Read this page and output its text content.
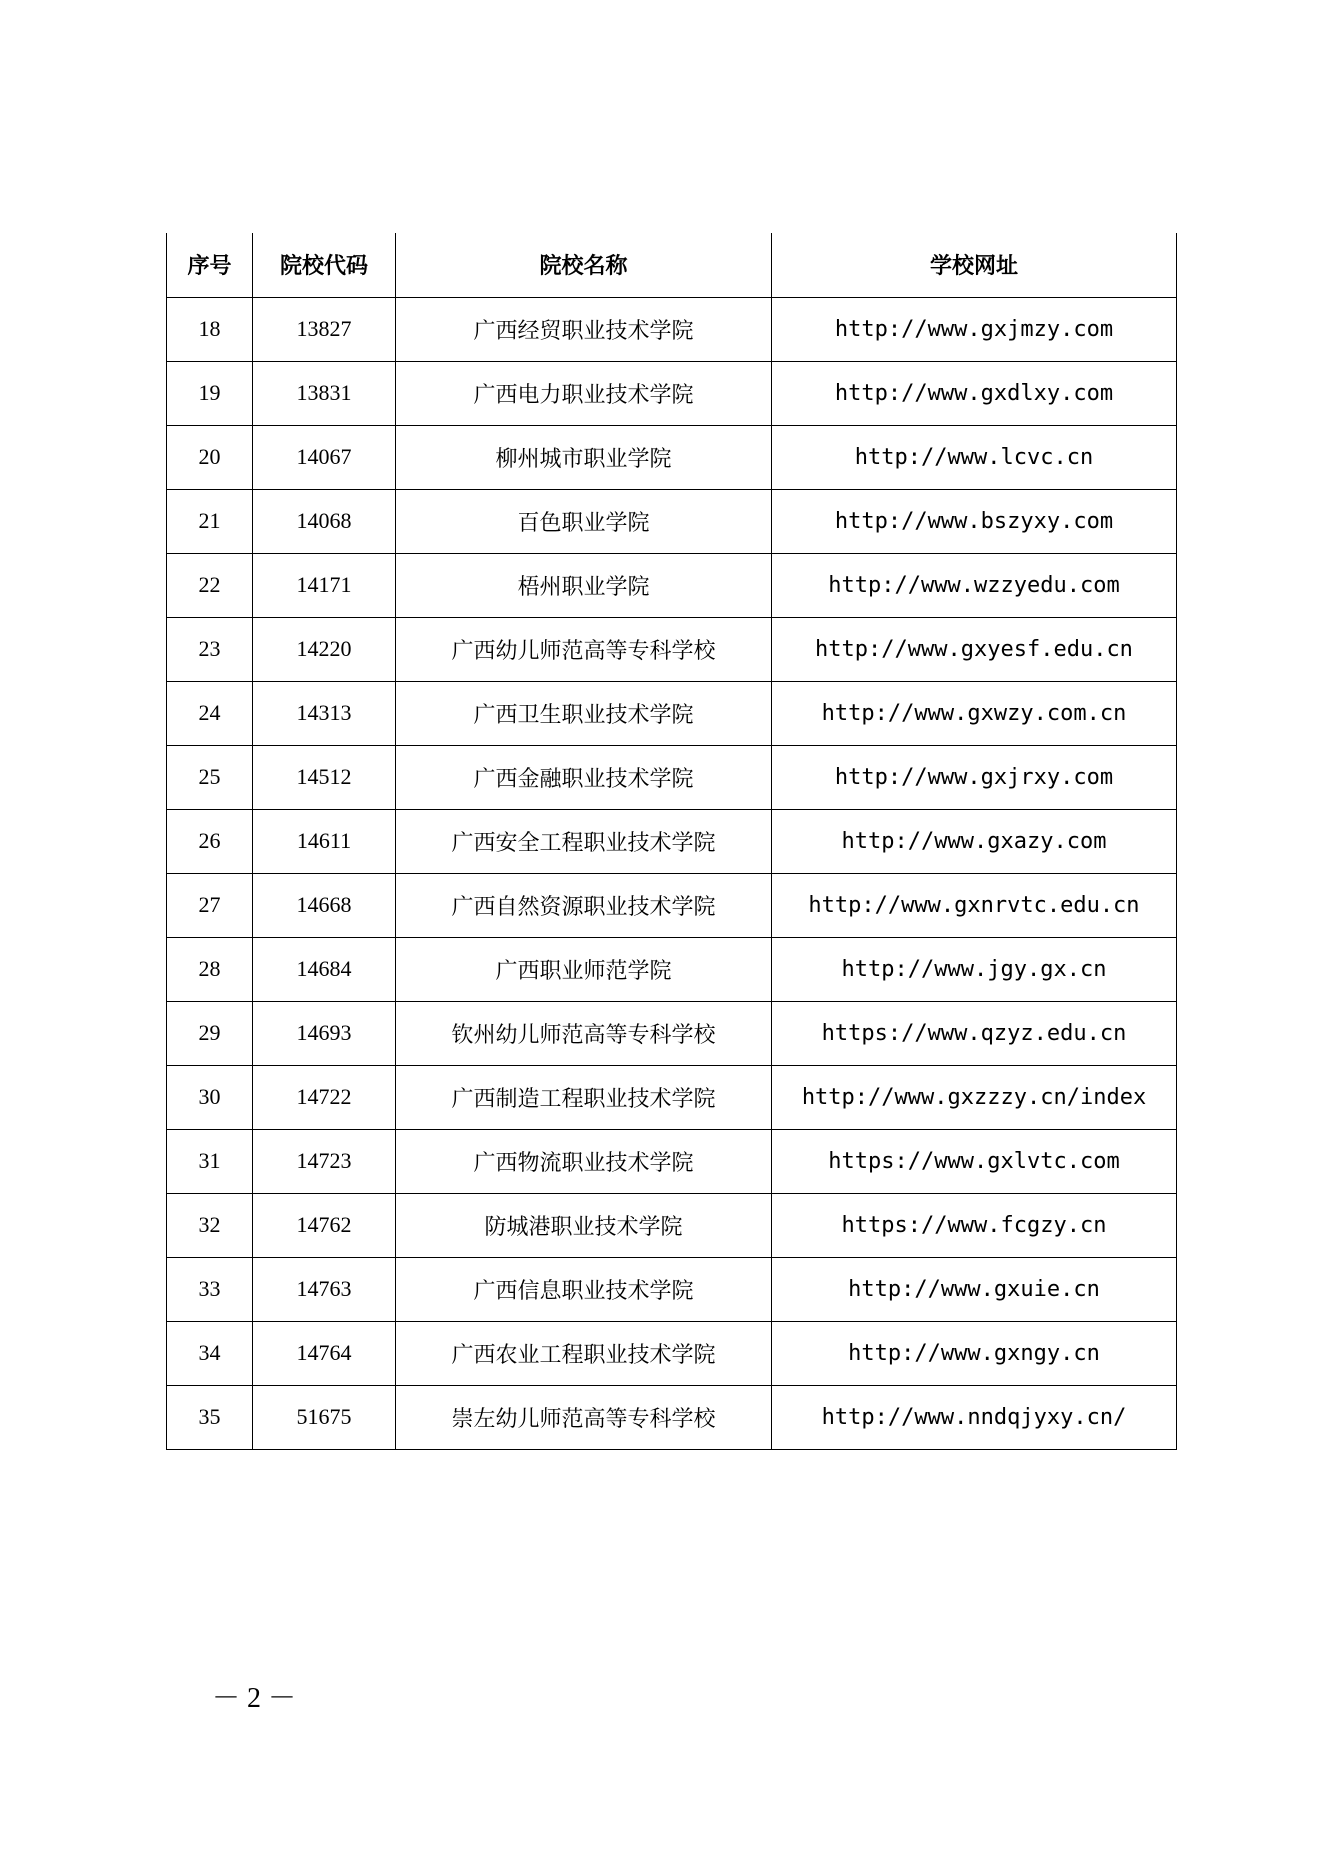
序号	院校代码	院校名称	学校网址
18	13827	广西经贸职业技术学院	http://www.gxjmzy.com
19	13831	广西电力职业技术学院	http://www.gxdlxy.com
20	14067	柳州城市职业学院	http://www.lcvc.cn
21	14068	百色职业学院	http://www.bszyxy.com
22	14171	梧州职业学院	http://www.wzzyedu.com
23	14220	广西幼儿师范高等专科学校	http://www.gxyesf.edu.cn
24	14313	广西卫生职业技术学院	http://www.gxwzy.com.cn
25	14512	广西金融职业技术学院	http://www.gxjrxy.com
26	14611	广西安全工程职业技术学院	http://www.gxazy.com
27	14668	广西自然资源职业技术学院	http://www.gxnrvtc.edu.cn
28	14684	广西职业师范学院	http://www.jgy.gx.cn
29	14693	钦州幼儿师范高等专科学校	https://www.qzyz.edu.cn
30	14722	广西制造工程职业技术学院	http://www.gxzzzy.cn/index
31	14723	广西物流职业技术学院	https://www.gxlvtc.com
32	14762	防城港职业技术学院	https://www.fcgzy.cn
33	14763	广西信息职业技术学院	http://www.gxuie.cn
34	14764	广西农业工程职业技术学院	http://www.gxngy.cn
35	51675	崇左幼儿师范高等专科学校	http://www.nndqjyxy.cn/
－ 2 －
